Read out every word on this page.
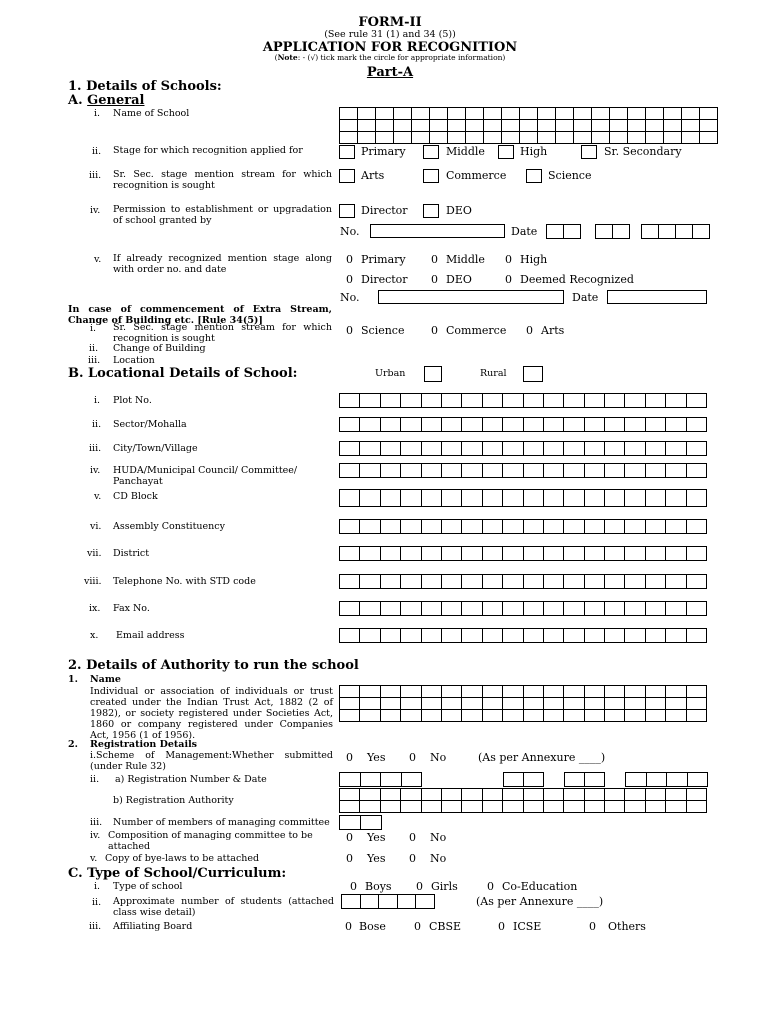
FORM-II
(See rule 31 (1) and 34 (5))
APPLICATION FOR RECOGNITION
(Note: - (√) tick mark the circle for appropriate information)
Part-A
1. Details of Schools:
A. General
i. Name of School
ii. Stage for which recognition applied for	Primary	Middle	High	Sr. Secondary
iii. Sr. Sec. stage mention stream for which recognition is sought
Arts	Commerce	Science
iv. Permission to establishment or upgradation of school granted by
Director	DEO
No.	Date
v. If already recognized mention stage along with order no. and date
0 Primary 0 Middle 0 High
0 Director 0 DEO	0 Deemed Recognized
No.	Date
In case of commencement of Extra Stream, Change of Building etc. [Rule 34(5)]
i. Sr. Sec. stage mention stream for which recognition is sought
0 Science 0 Commerce 0 Arts
ii. Change of Building
iii. Location
B. Locational Details of School:	Urban	Rural
i. Plot No.
ii. Sector/Mohalla
iii. City/Town/Village
iv. HUDA/Municipal Council/ Committee/ Panchayat
v. CD Block
vi. Assembly Constituency
vii. District
viii. Telephone No. with STD code
ix. Fax No.
x. Email address
2. Details of Authority to run the school
1. Name
Individual or association of individuals or trust created under the Indian Trust Act, 1882 (2 of 1982), or society registered under Societies Act, 1860 or company registered under Companies Act, 1956 (1 of 1956).
2. Registration Details
i.Scheme of Management:Whether submitted (under Rule 32)
0 Yes 0 No	(As per Annexure ____)
ii. a) Registration Number & Date
b) Registration Authority
iii. Number of members of managing committee
iv. Composition of managing committee to be attached
0 Yes 0 No
v. Copy of bye-laws to be attached	0 Yes 0 No
C. Type of School/Curriculum:
i. Type of school	0 Boys 0 Girls	0 Co-Education
ii. Approximate number of students (attached class wise detail)
(As per Annexure ____)
iii. Affiliating Board	0 Bose	0 CBSE	0 ICSE	0 Others
